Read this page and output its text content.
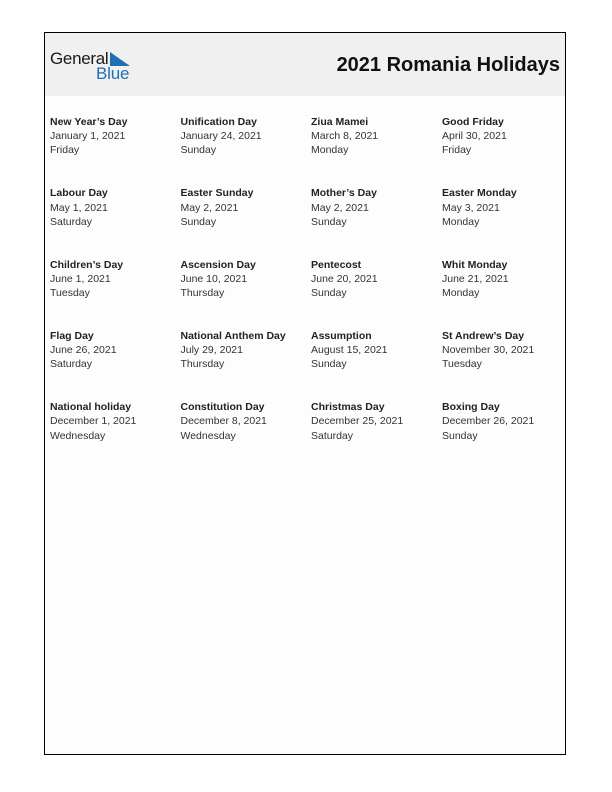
General
Blue	2021 Romania Holidays
New Year’s Day
January 1, 2021
Friday
Unification Day
January 24, 2021
Sunday
Ziua Mamei
March 8, 2021
Monday
Good Friday
April 30, 2021
Friday
Labour Day
May 1, 2021
Saturday
Easter Sunday
May 2, 2021
Sunday
Mother’s Day
May 2, 2021
Sunday
Easter Monday
May 3, 2021
Monday
Children’s Day
June 1, 2021
Tuesday
Ascension Day
June 10, 2021
Thursday
Pentecost
June 20, 2021
Sunday
Whit Monday
June 21, 2021
Monday
Flag Day
June 26, 2021
Saturday
National Anthem Day
July 29, 2021
Thursday
Assumption
August 15, 2021
Sunday
St Andrew’s Day
November 30, 2021
Tuesday
National holiday
December 1, 2021
Wednesday
Constitution Day
December 8, 2021
Wednesday
Christmas Day
December 25, 2021
Saturday
Boxing Day
December 26, 2021
Sunday
